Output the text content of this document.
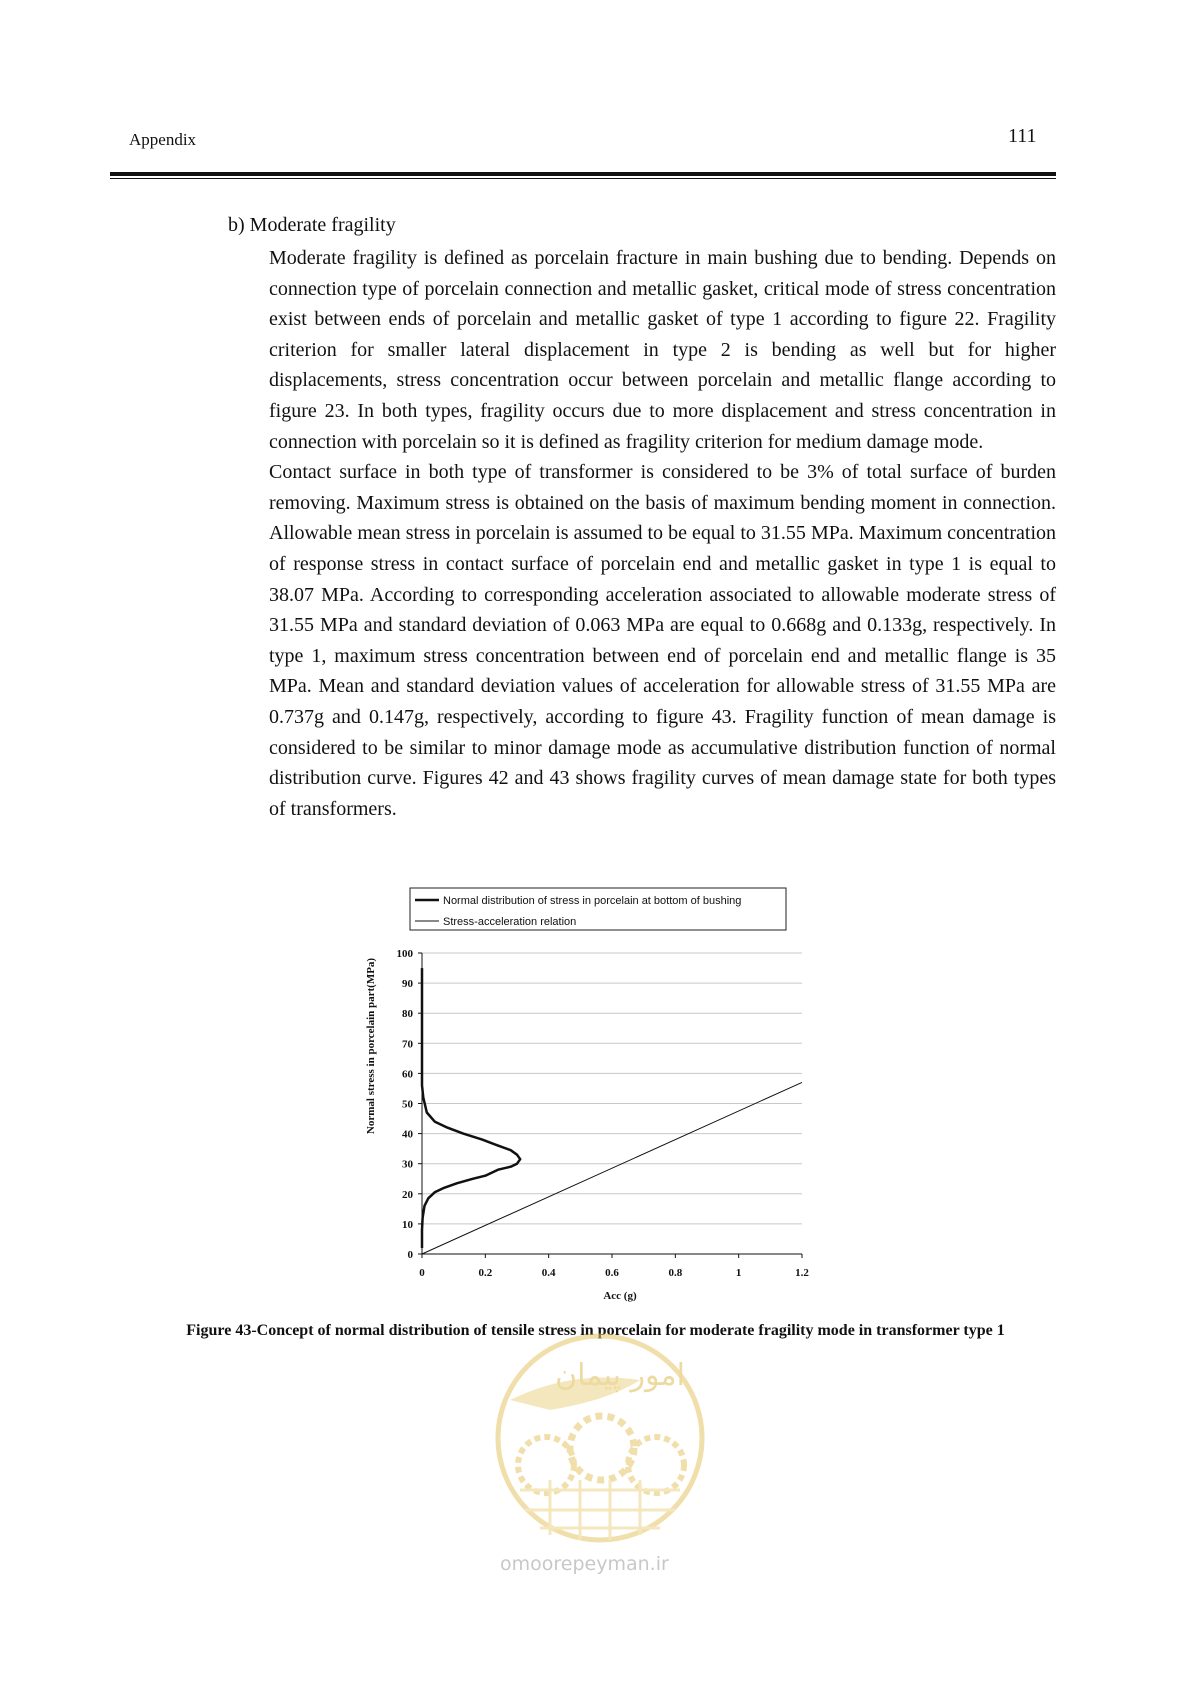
Appendix	111
b) Moderate fragility

Moderate fragility is defined as porcelain fracture in main bushing due to bending. Depends on connection type of porcelain connection and metallic gasket, critical mode of stress concentration exist between ends of porcelain and metallic gasket of type 1 according to figure 22. Fragility criterion for smaller lateral displacement in type 2 is bending as well but for higher displacements, stress concentration occur between porcelain and metallic flange according to figure 23. In both types, fragility occurs due to more displacement and stress concentration in connection with porcelain so it is defined as fragility criterion for medium damage mode.

Contact surface in both type of transformer is considered to be 3% of total surface of burden removing. Maximum stress is obtained on the basis of maximum bending moment in connection. Allowable mean stress in porcelain is assumed to be equal to 31.55 MPa. Maximum concentration of response stress in contact surface of porcelain end and metallic gasket in type 1 is equal to 38.07 MPa. According to corresponding acceleration associated to allowable moderate stress of 31.55 MPa and standard deviation of 0.063 MPa are equal to 0.668g and 0.133g, respectively. In type 1, maximum stress concentration between end of porcelain end and metallic flange is 35 MPa. Mean and standard deviation values of acceleration for allowable stress of 31.55 MPa are 0.737g and 0.147g, respectively, according to figure 43. Fragility function of mean damage is considered to be similar to minor damage mode as accumulative distribution function of normal distribution curve. Figures 42 and 43 shows fragility curves of mean damage state for both types of transformers.

Normal distribution of stress in porcelain at bottom of bushing
Stress-acceleration relation
0
10
20
30
40
50
60
70
80
90
100
0	0.2	0.4	0.6	0.8	1	1.2
Acc (g)
Normal stress in porcelain part(MPa)
Figure 43-Concept of normal distribution of tensile stress in porcelain for moderate fragility mode in transformer type 1
امور پیمان
omoorepeyman.ir
